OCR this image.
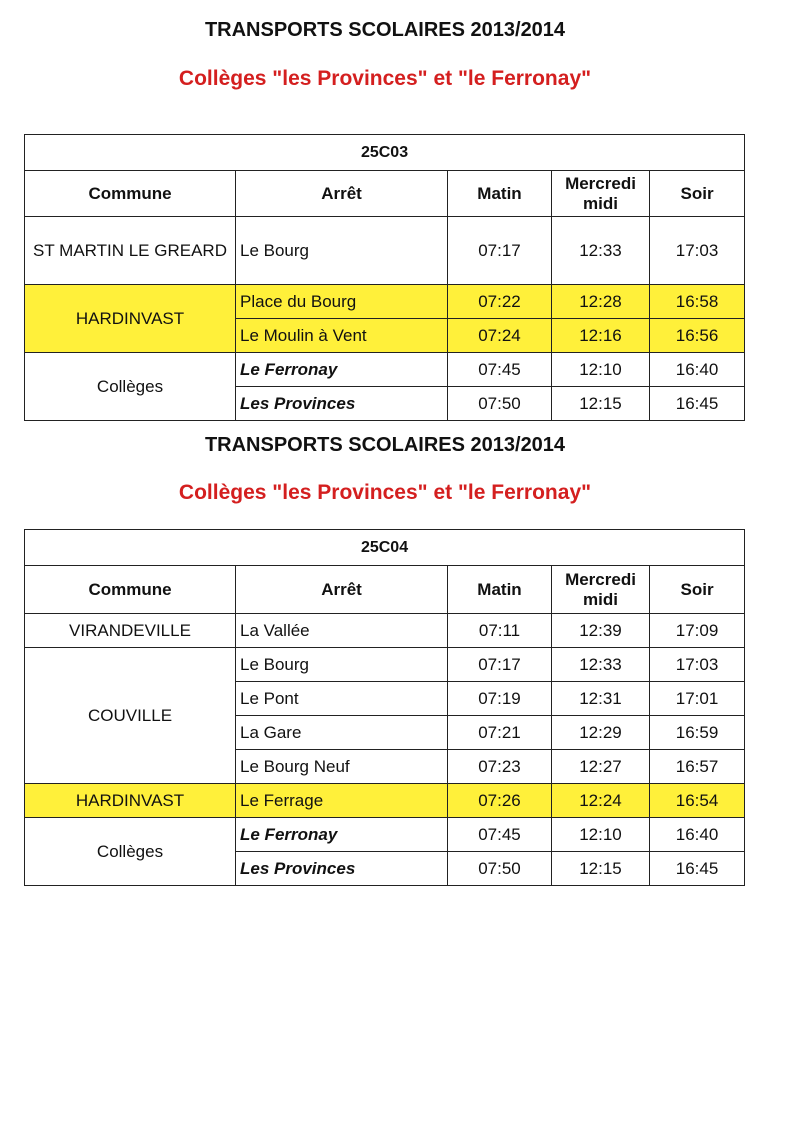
TRANSPORTS SCOLAIRES 2013/2014
Collèges "les Provinces" et "le Ferronay"
25C03				
Commune	Arrêt	Matin	Mercredi midi	Soir
ST MARTIN LE GREARD	Le Bourg	07:17	12:33	17:03
HARDINVAST	Place du Bourg	07:22	12:28	16:58
	Le Moulin à Vent	07:24	12:16	16:56
Collèges	Le Ferronay	07:45	12:10	16:40
	Les Provinces	07:50	12:15	16:45
TRANSPORTS SCOLAIRES 2013/2014
Collèges "les Provinces" et "le Ferronay"
25C04				
Commune	Arrêt	Matin	Mercredi midi	Soir
VIRANDEVILLE	La Vallée	07:11	12:39	17:09
COUVILLE	Le Bourg	07:17	12:33	17:03
	Le Pont	07:19	12:31	17:01
	La Gare	07:21	12:29	16:59
	Le Bourg Neuf	07:23	12:27	16:57
HARDINVAST	Le Ferrage	07:26	12:24	16:54
Collèges	Le Ferronay	07:45	12:10	16:40
	Les Provinces	07:50	12:15	16:45
